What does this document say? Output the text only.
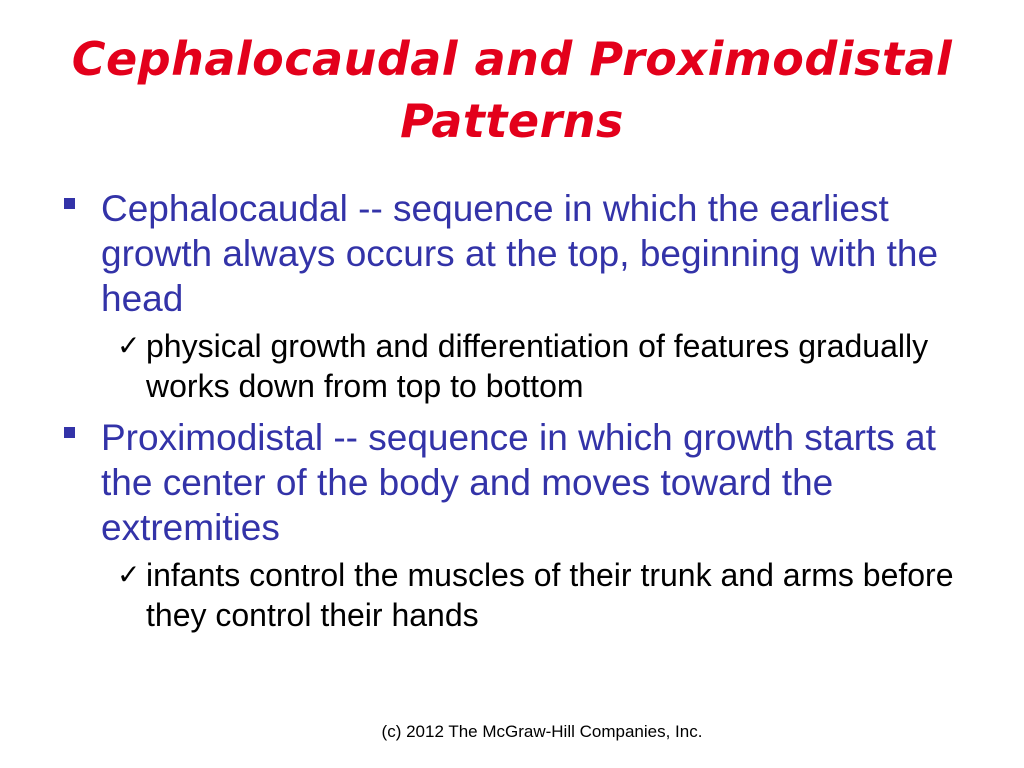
Cephalocaudal and Proximodistal Patterns
Cephalocaudal -- sequence in which the earliest growth always occurs at the top, beginning with the head
✓ physical growth and differentiation of features gradually works down from top to bottom
Proximodistal -- sequence in which growth starts at the center of the body and moves toward the extremities
✓ infants control the muscles of their trunk and arms before they control their hands
(c) 2012 The McGraw-Hill Companies, Inc.
